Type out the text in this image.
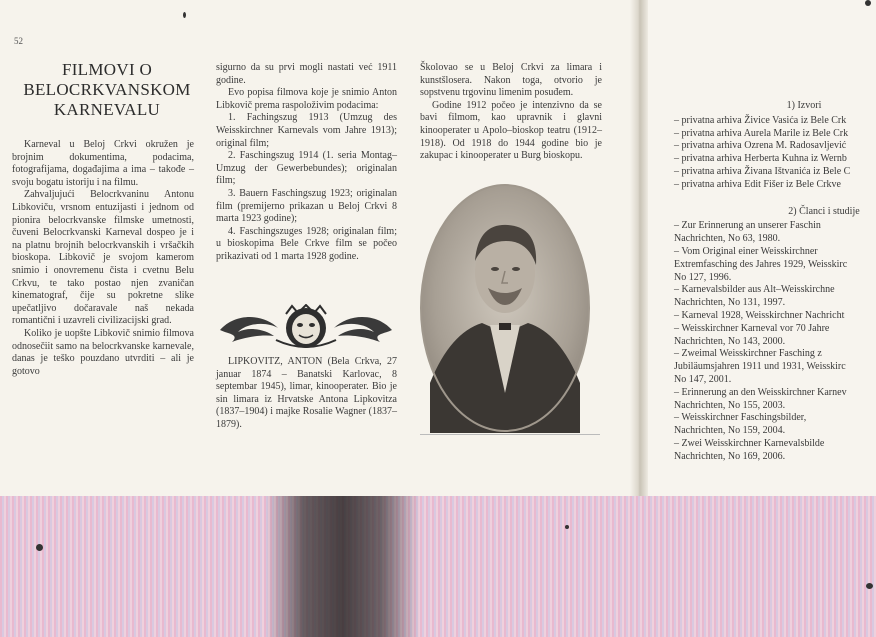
52
FILMOVI O
BELOCRKVANSKOM
KARNEVALU

Karneval u Beloj Crkvi okružen je brojnim dokumentima, podacima, fotografijama, događajima a ima – takođe – svoju bogatu istoriju i na filmu.

Zahvaljujući Belocrkvaninu Antonu Libkoviču, vrsnom entuzijasti i jednom od pionira belocrkvanske filmske umetnosti, čuveni Belocrkvanski Karneval dospeo je i na platnu brojnih belocrkvanskih i vršačkih bioskopa. Libkovič je svojom kamerom snimio i onovremenu čista i cvetnu Belu Crkvu, te tako postao njen zvaničan kinematograf, čije su pokretne slike upečatljivo dočaravale naš nekada romantični i uzavreli civilizacijski grad.

Koliko je uopšte Libkovič snimio filmova odnosečiit samo na belocrkvanske karnevale, danas je teško pouzdano utvrditi – ali je gotovo

sigurno da su prvi mogli nastati već 1911 godine.

Evo popisa filmova koje je snimio Anton Libkovič prema raspoloživim podacima:

1. Fachingszug 1913 (Umzug des Weisskirchner Karnevals vom Jahre 1913); original film;

2. Faschingszug 1914 (1. seria Montag–Umzug der Gewerbebundes); originalan film;

3. Bauern Faschingszug 1923; originalan film (premijerno prikazan u Beloj Crkvi 8 marta 1923 godine);

4. Faschingszuges 1928; originalan film; u bioskopima Bele Crkve film se počeo prikazivati od 1 marta 1928 godine.

LIPKOVITZ, ANTON (Bela Crkva, 27 januar 1874 – Banatski Karlovac, 8 septembar 1945), limar, kinooperater. Bio je sin limara iz Hrvatske Antona Lipkovitza (1837–1904) i majke Rosalie Wagner (1837–1879).

Školovao se u Beloj Crkvi za limara i kunstšlosera. Nakon toga, otvorio je sopstvenu trgovinu limenim posuđem.

Godine 1912 počeo je intenzivno da se bavi filmom, kao upravnik i glavni kinooperater u Apolo–bioskop teatru (1912–1918). Od 1918 do 1944 godine bio je zakupac i kinooperater u Burg bioskopu.

1) Izvori
– privatna arhiva Živice Vasića iz Bele Crk
– privatna arhiva Aurela Marile iz Bele Crk
– privatna arhiva Ozrena M. Radosavljević
– privatna arhiva Herberta Kuhna iz Wernb
– privatna arhiva Živana Ištvanića iz Bele C
– privatna arhiva Edit Fišer iz Bele Crkve
2) Članci i studije
– Zur Erinnerung an unserer Faschin
Nachrichten, No 63, 1980.
– Vom Original einer Weisskirchner
Extremfasching des Jahres 1929, Weisskirc
No 127, 1996.
– Karnevalsbilder aus Alt–Weisskirchne
Nachrichten, No 131, 1997.
– Karneval 1928, Weisskirchner Nachricht
– Weisskirchner Karneval vor 70 Jahre
Nachrichten, No 143, 2000.
– Zweimal Weisskirchner Fasching z
Jubiläumsjahren 1911 und 1931, Weisskirc
No 147, 2001.
– Erinnerung an den Weisskirchner Karnev
Nachrichten, No 155, 2003.
– Weisskirchner Faschingsbilder,
Nachrichten, No 159, 2004.
– Zwei Weisskirchner Karnevalsbilde
Nachrichten, No 169, 2006.
